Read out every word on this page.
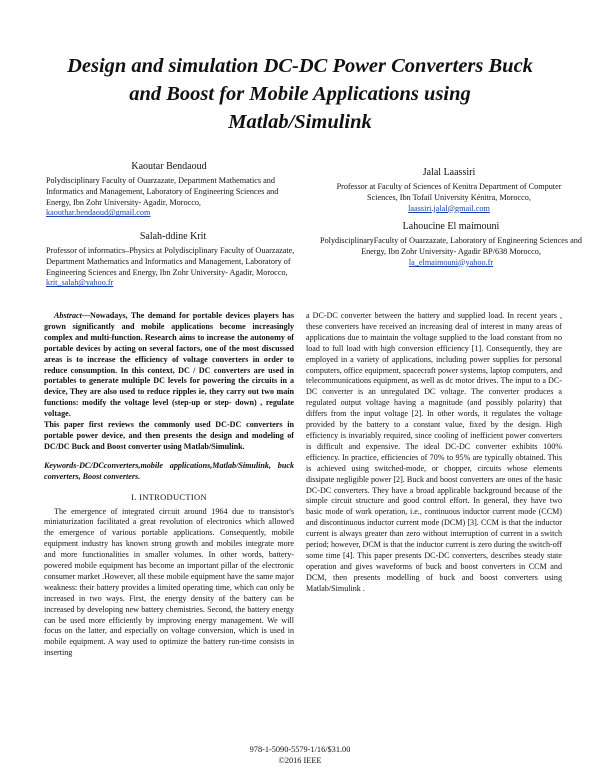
Design and simulation DC-DC Power Converters Buck and Boost for Mobile Applications using Matlab/Simulink
Kaoutar Bendaoud
Polydisciplinary Faculty of Ouarzazate, Department Mathematics and Informatics and Management, Laboratory of Engineering Sciences and Energy, Ibn Zohr University- Agadir, Morocco, kaouthar.bendaoud@gmail.com
Salah-ddine Krit
Professor of informatics–Physics at Polydisciplinary Faculty of Ouarzazate, Department Mathematics and Informatics and Management, Laboratory of Engineering Sciences and Energy, Ibn Zohr University- Agadir, Morocco, krit_salah@yahoo.fr
Jalal Laassiri
Professor at Faculty of Sciences of Kenitra Department of Computer Sciences, Ibn Tofail University Kénitra, Morocco, laassiri.jalal@gmail.com
Lahoucine El maimouni
PolydisciplinaryFaculty of Ouarzazate, Laboratory of Engineering Sciences and Energy, Ibn Zohr University- Agadir BP/638 Morocco, la_elmaimouni@yahoo.fr

Abstract—Nowadays, The demand for portable devices players has grown significantly and mobile applications become increasingly complex and multi-function. Research aims to increase the autonomy of portable devices by acting on several factors, one of the most discussed areas is to increase the efficiency of voltage converters in order to reduce consumption. In this context, DC / DC converters are used in portables to generate multiple DC levels for powering the circuits in a device, They are also used to reduce ripples ie, they carry out two main functions: modify the voltage level (step-up or step- down) , regulate voltage.

This paper first reviews the commonly used DC-DC converters in portable power device, and then presents the design and modeling of DC/DC Buck and Boost converter using Matlab/Simulink.

Keywords-DC/DCconverters,mobile applications,Matlab/Simulink, buck converters, Boost converters.

I. INTRODUCTION

The emergence of integrated circuit around 1964 due to transistor's miniaturization facilitated a great revolution of electronics which allowed the emergence of various portable applications. Consequently, mobile equipment industry has known strong growth and mobiles integrate more and more functionalities in smaller volumes. In other words, battery-powered mobile equipment has become an important pillar of the electronic consumer market .However, all these mobile equipment have the same major weakness: their battery provides a limited operating time, which can only be increased in two ways. First, the energy density of the battery can be increased by developing new battery chemistries. Second, the battery energy can be used more efficiently by improving energy management. We will focus on the latter, and especially on voltage conversion, which is used in mobile equipment. A way used to optimize the battery run-time consists in inserting

a DC-DC converter between the battery and supplied load. In recent years , these converters have received an increasing deal of interest in many areas of applications due to maintain the voltage supplied to the load constant from no load to full load with high conversion efficiency [1]. Consequently, they are employed in a variety of applications, including power supplies for personal computers, office equipment, spacecraft power systems, laptop computers, and telecommunications equipment, as well as dc motor drives. The input to a DC-DC converter is an unregulated DC voltage. The converter produces a regulated output voltage having a magnitude (and possibly polarity) that differs from the input voltage [2]. In other words, it regulates the voltage provided by the battery to a constant value, fixed by the design. High efficiency is invariably required, since cooling of inefficient power converters is difficult and expensive. The ideal DC-DC converter exhibits 100% efficiency. In practice, efficiencies of 70% to 95% are typically obtained. This is achieved using switched-mode, or chopper, circuits whose elements dissipate negligible power [2]. Buck and boost converters are ones of the basic DC-DC converters. They have a broad applicable background because of the simple circuit structure and good control effort. In general, they have two basic mode of work operation, i.e., continuous inductor current mode (CCM) and discontinuous inductor current mode (DCM) [3]. CCM is that the inductor current is always greater than zero without interruption of current in a switch period; however, DCM is that the inductor current is zero during the switch-off some time [4]. This paper presents DC-DC converters, describes steady state operation and gives waveforms of buck and boost converters in CCM and DCM, then presents modelling of buck and boost converters using Matlab/Simulink .

978-1-5090-5579-1/16/$31.00
©2016 IEEE
